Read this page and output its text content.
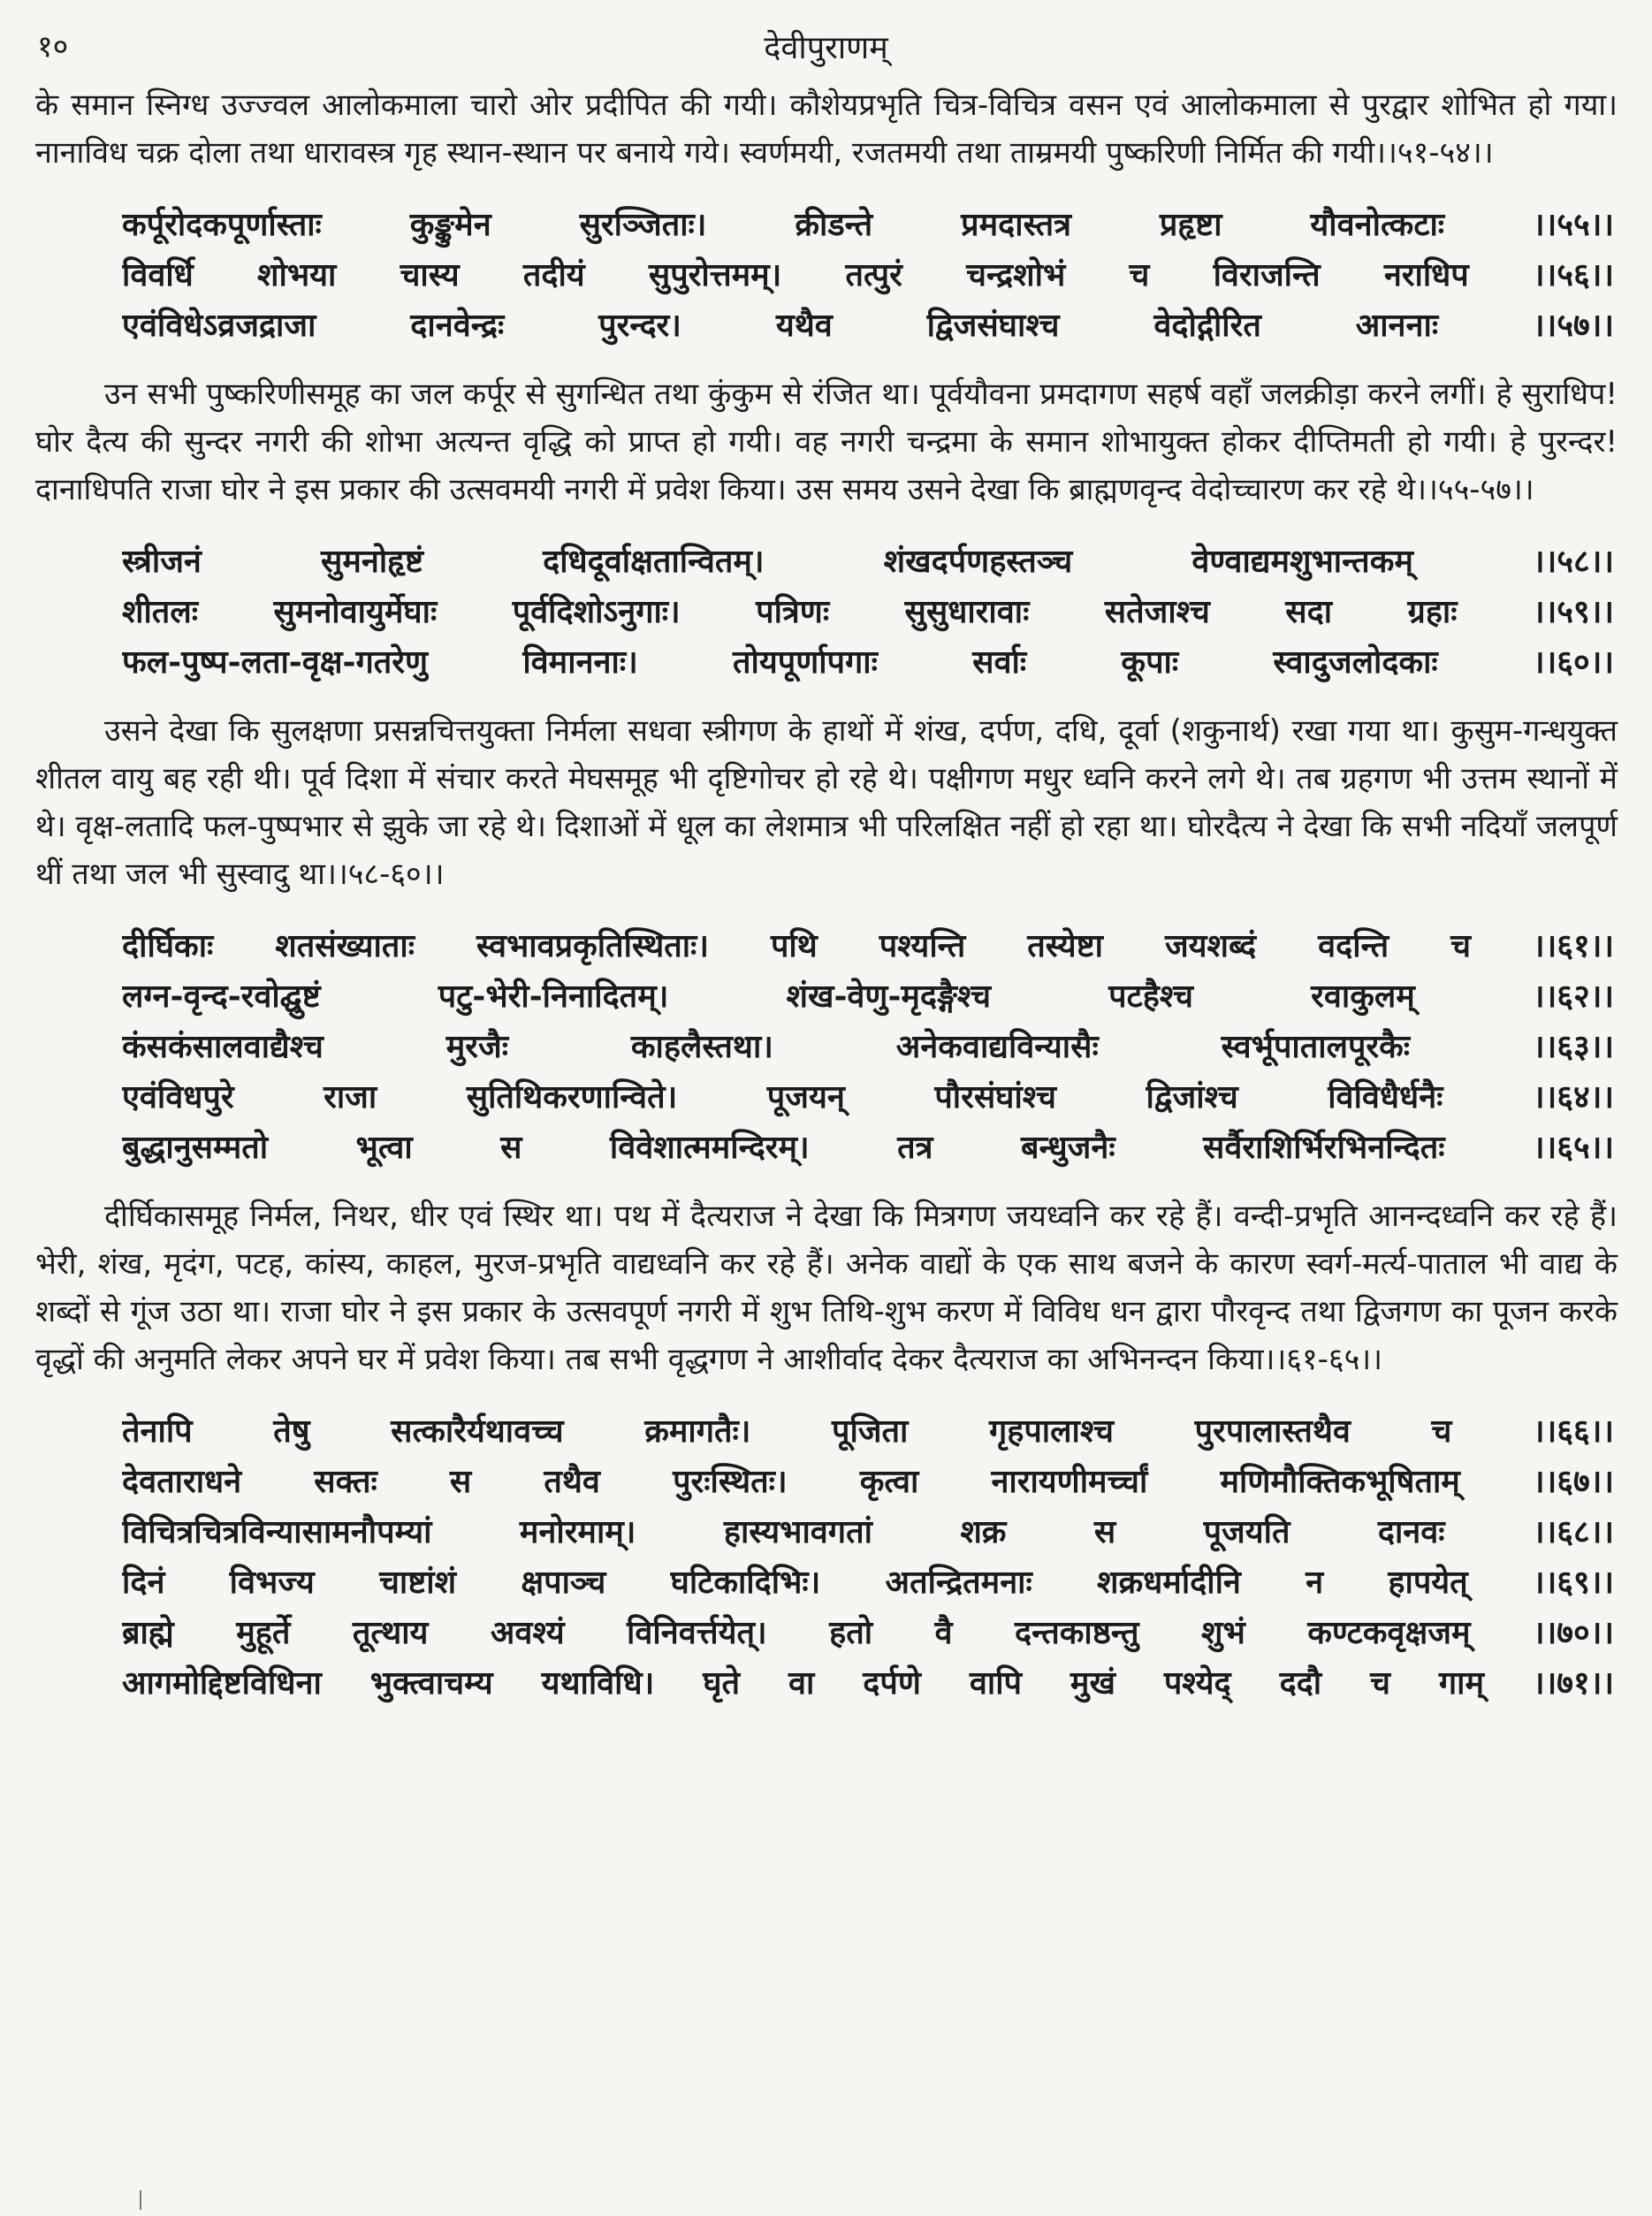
१०	देवीपुराणम्

के समान स्निग्ध उज्ज्वल आलोकमाला चारो ओर प्रदीपित की गयी। कौशेयप्रभृति चित्र-विचित्र वसन एवं आलोकमाला से पुरद्वार शोभित हो गया। नानाविध चक्र दोला तथा धारावस्त्र गृह स्थान-स्थान पर बनाये गये। स्वर्णमयी, रजतमयी तथा ताम्रमयी पुष्करिणी निर्मित की गयी।।५१-५४।।

कर्पूरोदकपूर्णास्ताः कुङ्कुमेन सुरञ्जिताः। क्रीडन्ते प्रमदास्तत्र प्रहृष्टा यौवनोत्कटाः ।।५५।।
विवर्धि शोभया चास्य तदीयं सुपुरोत्तमम्। तत्पुरं चन्द्रशोभं च विराजन्ति नराधिप ।।५६।।
एवंविधेऽव्रजद्राजा दानवेन्द्रः पुरन्दर। यथैव द्विजसंघाश्च वेदोद्गीरित आननाः ।।५७।।

उन सभी पुष्करिणीसमूह का जल कर्पूर से सुगन्धित तथा कुंकुम से रंजित था। पूर्वयौवना प्रमदागण सहर्ष वहाँ जलक्रीड़ा करने लगीं। हे सुराधिप! घोर दैत्य की सुन्दर नगरी की शोभा अत्यन्त वृद्धि को प्राप्त हो गयी। वह नगरी चन्द्रमा के समान शोभायुक्त होकर दीप्तिमती हो गयी। हे पुरन्दर! दानाधिपति राजा घोर ने इस प्रकार की उत्सवमयी नगरी में प्रवेश किया। उस समय उसने देखा कि ब्राह्मणवृन्द वेदोच्चारण कर रहे थे।।५५-५७।।

स्त्रीजनं सुमनोहृष्टं दधिदूर्वाक्षतान्वितम्। शंखदर्पणहस्तञ्च वेण्वाद्यमशुभान्तकम् ।।५८।।
शीतलः सुमनोवायुर्मेघाः पूर्वदिशोऽनुगाः। पत्रिणः सुसुधारावाः सतेजाश्च सदा ग्रहाः ।।५९।।
फल-पुष्प-लता-वृक्ष-गतरेणु विमाननाः। तोयपूर्णापगाः सर्वाः कूपाः स्वादुजलोदकाः ।।६०।।

उसने देखा कि सुलक्षणा प्रसन्नचित्तयुक्ता निर्मला सधवा स्त्रीगण के हाथों में शंख, दर्पण, दधि, दूर्वा (शकुनार्थ) रखा गया था। कुसुम-गन्धयुक्त शीतल वायु बह रही थी। पूर्व दिशा में संचार करते मेघसमूह भी दृष्टिगोचर हो रहे थे। पक्षीगण मधुर ध्वनि करने लगे थे। तब ग्रहगण भी उत्तम स्थानों में थे। वृक्ष-लतादि फल-पुष्पभार से झुके जा रहे थे। दिशाओं में धूल का लेशमात्र भी परिलक्षित नहीं हो रहा था। घोरदैत्य ने देखा कि सभी नदियाँ जलपूर्ण थीं तथा जल भी सुस्वादु था।।५८-६०।।

दीर्घिकाः शतसंख्याताः स्वभावप्रकृतिस्थिताः। पथि पश्यन्ति तस्येष्टा जयशब्दं वदन्ति च ।।६१।।
लग्न-वृन्द-रवोद्घुष्टं पटु-भेरी-निनादितम्। शंख-वेणु-मृदङ्गैश्च पटहैश्च रवाकुलम् ।।६२।।
कंसकंसालवाद्यैश्च मुरजैः काहलैस्तथा। अनेकवाद्यविन्यासैः स्वर्भूपातालपूरकैः ।।६३।।
एवंविधपुरे राजा सुतिथिकरणान्विते। पूजयन् पौरसंघांश्च द्विजांश्च विविधैर्धनैः ।।६४।।
बुद्धानुसम्मतो भूत्वा स विवेशात्ममन्दिरम्। तत्र बन्धुजनैः सर्वैराशिर्भिरभिनन्दितः ।।६५।।

दीर्घिकासमूह निर्मल, निथर, धीर एवं स्थिर था। पथ में दैत्यराज ने देखा कि मित्रगण जयध्वनि कर रहे हैं। वन्दी-प्रभृति आनन्दध्वनि कर रहे हैं। भेरी, शंख, मृदंग, पटह, कांस्य, काहल, मुरज-प्रभृति वाद्यध्वनि कर रहे हैं। अनेक वाद्यों के एक साथ बजने के कारण स्वर्ग-मर्त्य-पाताल भी वाद्य के शब्दों से गूंज उठा था। राजा घोर ने इस प्रकार के उत्सवपूर्ण नगरी में शुभ तिथि-शुभ करण में विविध धन द्वारा पौरवृन्द तथा द्विजगण का पूजन करके वृद्धों की अनुमति लेकर अपने घर में प्रवेश किया। तब सभी वृद्धगण ने आशीर्वाद देकर दैत्यराज का अभिनन्दन किया।।६१-६५।।

तेनापि तेषु सत्कारैर्यथावच्च क्रमागतैः। पूजिता गृहपालाश्च पुरपालास्तथैव च ।।६६।।
देवताराधने सक्तः स तथैव पुरःस्थितः। कृत्वा नारायणीमर्च्चां मणिमौक्तिकभूषिताम् ।।६७।।
विचित्रचित्रविन्यासामनौपम्यां मनोरमाम्। हास्यभावगतां शक्र स पूजयति दानवः ।।६८।।
दिनं विभज्य चाष्टांशं क्षपाञ्च घटिकादिभिः। अतन्द्रितमनाः शक्रधर्मादीनि न हापयेत् ।।६९।।
ब्राह्मे मुहूर्ते तूत्थाय अवश्यं विनिवर्त्तयेत्। हतो वै दन्तकाष्ठन्तु शुभं कण्टकवृक्षजम् ।।७०।।
आगमोद्दिष्टविधिना भुक्त्वाचम्य यथाविधि। घृते वा दर्पणे वापि मुखं पश्येद् ददौ च गाम् ।।७१।।
